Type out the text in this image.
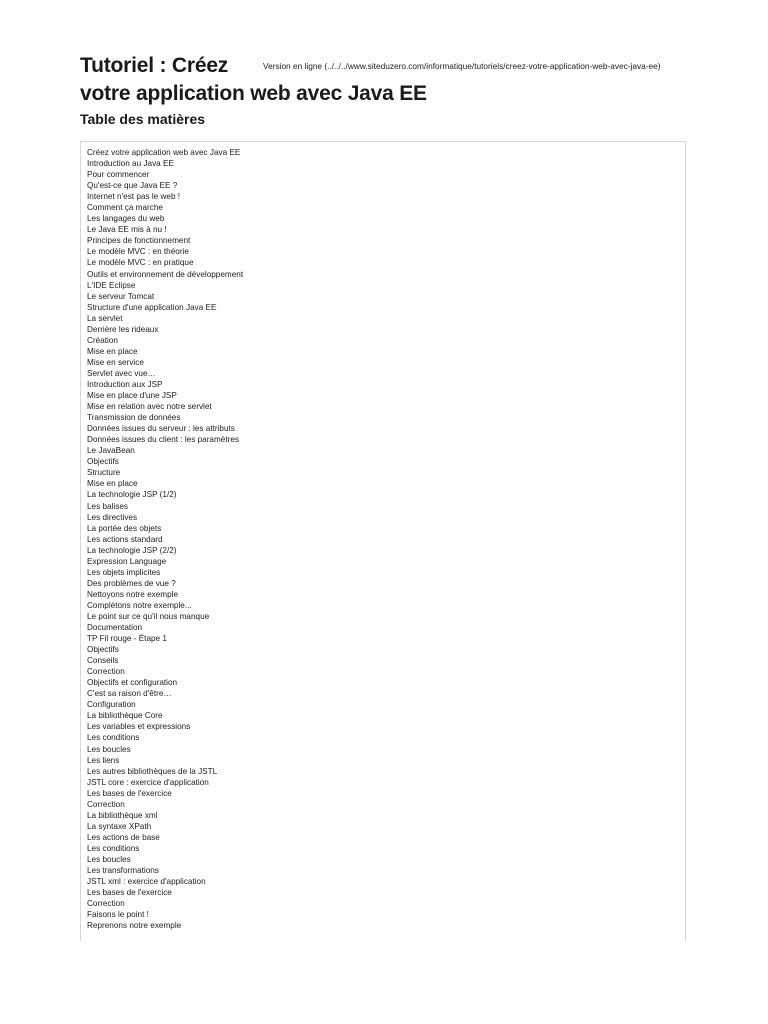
Tutoriel : Créez
votre application web avec Java EE
Version en ligne (../../../www.siteduzero.com/informatique/tutoriels/creez-votre-application-web-avec-java-ee)
Table des matières
Créez votre application web avec Java EE
Introduction au Java EE
Pour commencer
Qu'est-ce que Java EE ?
Internet n'est pas le web !
Comment ça marche
Les langages du web
Le Java EE mis à nu !
Principes de fonctionnement
Le modèle MVC : en théorie
Le modèle MVC : en pratique
Outils et environnement de développement
L'IDE Eclipse
Le serveur Tomcat
Structure d'une application Java EE
La servlet
Derrière les rideaux
Création
Mise en place
Mise en service
Servlet avec vue…
Introduction aux JSP
Mise en place d'une JSP
Mise en relation avec notre servlet
Transmission de données
Données issues du serveur : les attributs
Données issues du client : les paramètres
Le JavaBean
Objectifs
Structure
Mise en place
La technologie JSP (1/2)
Les balises
Les directives
La portée des objets
Les actions standard
La technologie JSP (2/2)
Expression Language
Les objets implicites
Des problèmes de vue ?
Nettoyons notre exemple
Complétons notre exemple...
Le point sur ce qu'il nous manque
Documentation
TP Fil rouge - Étape 1
Objectifs
Conseils
Correction
Objectifs et configuration
C'est sa raison d'être…
Configuration
La bibliothèque Core
Les variables et expressions
Les conditions
Les boucles
Les liens
Les autres bibliothèques de la JSTL
JSTL core : exercice d'application
Les bases de l'exercice
Correction
La bibliothèque xml
La syntaxe XPath
Les actions de base
Les conditions
Les boucles
Les transformations
JSTL xml : exercice d'application
Les bases de l'exercice
Correction
Faisons le point !
Reprenons notre exemple
